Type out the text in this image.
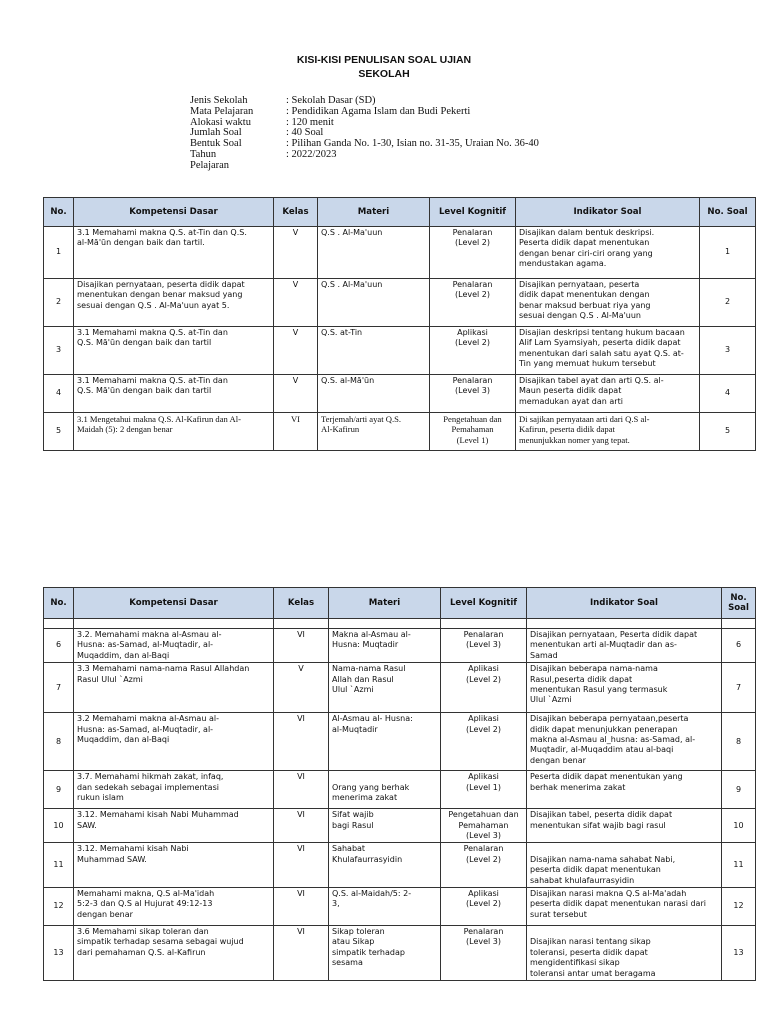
KISI-KISI PENULISAN SOAL UJIAN
SEKOLAH
Jenis Sekolah	: Sekolah Dasar (SD)
Mata Pelajaran	: Pendidikan Agama Islam dan Budi Pekerti
Alokasi waktu	: 120 menit
Jumlah Soal	: 40 Soal
Bentuk Soal	: Pilihan Ganda No. 1-30, Isian no. 31-35, Uraian No. 36-40
Tahun	: 2022/2023
Pelajaran
No.	Kompetensi Dasar	Kelas	Materi	Level Kognitif	Indikator Soal	No. Soal

1	3.1 Memahami makna Q.S. at-Tin dan Q.S.
al-Mā'ūn dengan baik dan tartil.	V	Q.S . Al-Ma'uun	Penalaran
(Level 2)	Disajikan dalam bentuk deskripsi.
Peserta didik dapat menentukan
dengan benar ciri-ciri orang yang
mendustakan agama.	1

2	Disajikan pernyataan, peserta didik dapat
menentukan dengan benar maksud yang
sesuai dengan Q.S . Al-Ma'uun ayat 5.	V	Q.S . Al-Ma'uun	Penalaran
(Level 2)	Disajikan pernyataan, peserta
didik dapat menentukan dengan
benar maksud berbuat riya yang
sesuai dengan Q.S . Al-Ma'uun	2

3	3.1 Memahami makna Q.S. at-Tin dan
Q.S. Mā'ūn dengan baik dan tartil	V	Q.S. at-Tin	Aplikasi
(Level 2)	Disajian deskripsi tentang hukum bacaan
Alif Lam Syamsiyah, peserta didik dapat
menentukan dari salah satu ayat Q.S. at-
Tin yang memuat hukum tersebut	3

4	3.1 Memahami makna Q.S. at-Tin dan
Q.S. Mā'ūn dengan baik dan tartil	V	Q.S. al-Mā'ūn	Penalaran
(Level 3)	Disajikan tabel ayat dan arti Q.S. al-
Maun peserta didik dapat
memadukan ayat dan arti	4

5	3.1 Mengetahui makna Q.S. Al-Kafirun dan Al-
Maidah (5): 2 dengan benar	VI	Terjemah/arti ayat Q.S.
Al-Kafirun	Pengetahuan dan
Pemahaman
(Level 1)	Di sajikan pernyataan arti dari Q.S al-
Kafirun, peserta didik dapat
menunjukkan nomer yang tepat.	5
No.	Kompetensi Dasar	Kelas	Materi	Level Kognitif	Indikator Soal	No. Soal

6	3.2. Memahami makna al-Asmau al-
Husna: as-Samad, al-Muqtadir, al-
Muqaddim, dan al-Baqi	VI	Makna al-Asmau al-
Husna: Muqtadir	Penalaran
(Level 3)	Disajikan pernyataan, Peserta didik dapat
menentukan arti al-Muqtadir dan as-
Samad	6

7	3.3 Memahami nama-nama Rasul Allahdan
Rasul Ulul `Azmi	V	Nama-nama Rasul
Allah dan Rasul
Ulul `Azmi	Aplikasi
(Level 2)	Disajikan beberapa nama-nama
Rasul,peserta didik dapat
menentukan Rasul yang termasuk
Ulul `Azmi	7

8	3.2 Memahami makna al-Asmau al-
Husna: as-Samad, al-Muqtadir, al-
Muqaddim, dan al-Baqi	VI	Al-Asmau al- Husna:
al-Muqtadir	Aplikasi
(Level 2)	Disajikan beberapa pernyataan,peserta
didik dapat menunjukkan penerapan
makna al-Asmau al_husna: as-Samad, al-
Muqtadir, al-Muqaddim atau al-baqi
dengan benar	8

9	3.7. Memahami hikmah zakat, infaq,
dan sedekah sebagai implementasi
rukun islam	VI	
Orang yang berhak
menerima zakat	Aplikasi
(Level 1)	Peserta didik dapat menentukan yang
berhak menerima zakat	9

10	3.12. Memahami kisah Nabi Muhammad
SAW.	VI	Sifat wajib
bagi Rasul	Pengetahuan dan
Pemahaman
(Level 3)	Disajikan tabel, peserta didik dapat
menentukan sifat wajib bagi rasul	10

11	3.12. Memahami kisah Nabi
Muhammad SAW.	VI	Sahabat
Khulafaurrasyidin	Penalaran
(Level 2)	
Disajikan nama-nama sahabat Nabi,
peserta didik dapat menentukan
sahabat khulafaurrasyidin	11

12	Memahami makna, Q.S al-Ma'idah
5:2-3 dan Q.S al Hujurat 49:12-13
dengan benar	VI	Q.S. al-Maidah/5: 2-
3,	Aplikasi
(Level 2)	Disajikan narasi makna Q.S al-Ma'adah
peserta didik dapat menentukan narasi dari
surat tersebut	12

13	3.6 Memahami sikap toleran dan
simpatik terhadap sesama sebagai wujud
dari pemahaman Q.S. al-Kafirun	VI	Sikap toleran
atau Sikap
simpatik terhadap
sesama	Penalaran
(Level 3)	
Disajikan narasi tentang sikap
toleransi, peserta didik dapat
mengidentifikasi sikap
toleransi antar umat beragama	13
